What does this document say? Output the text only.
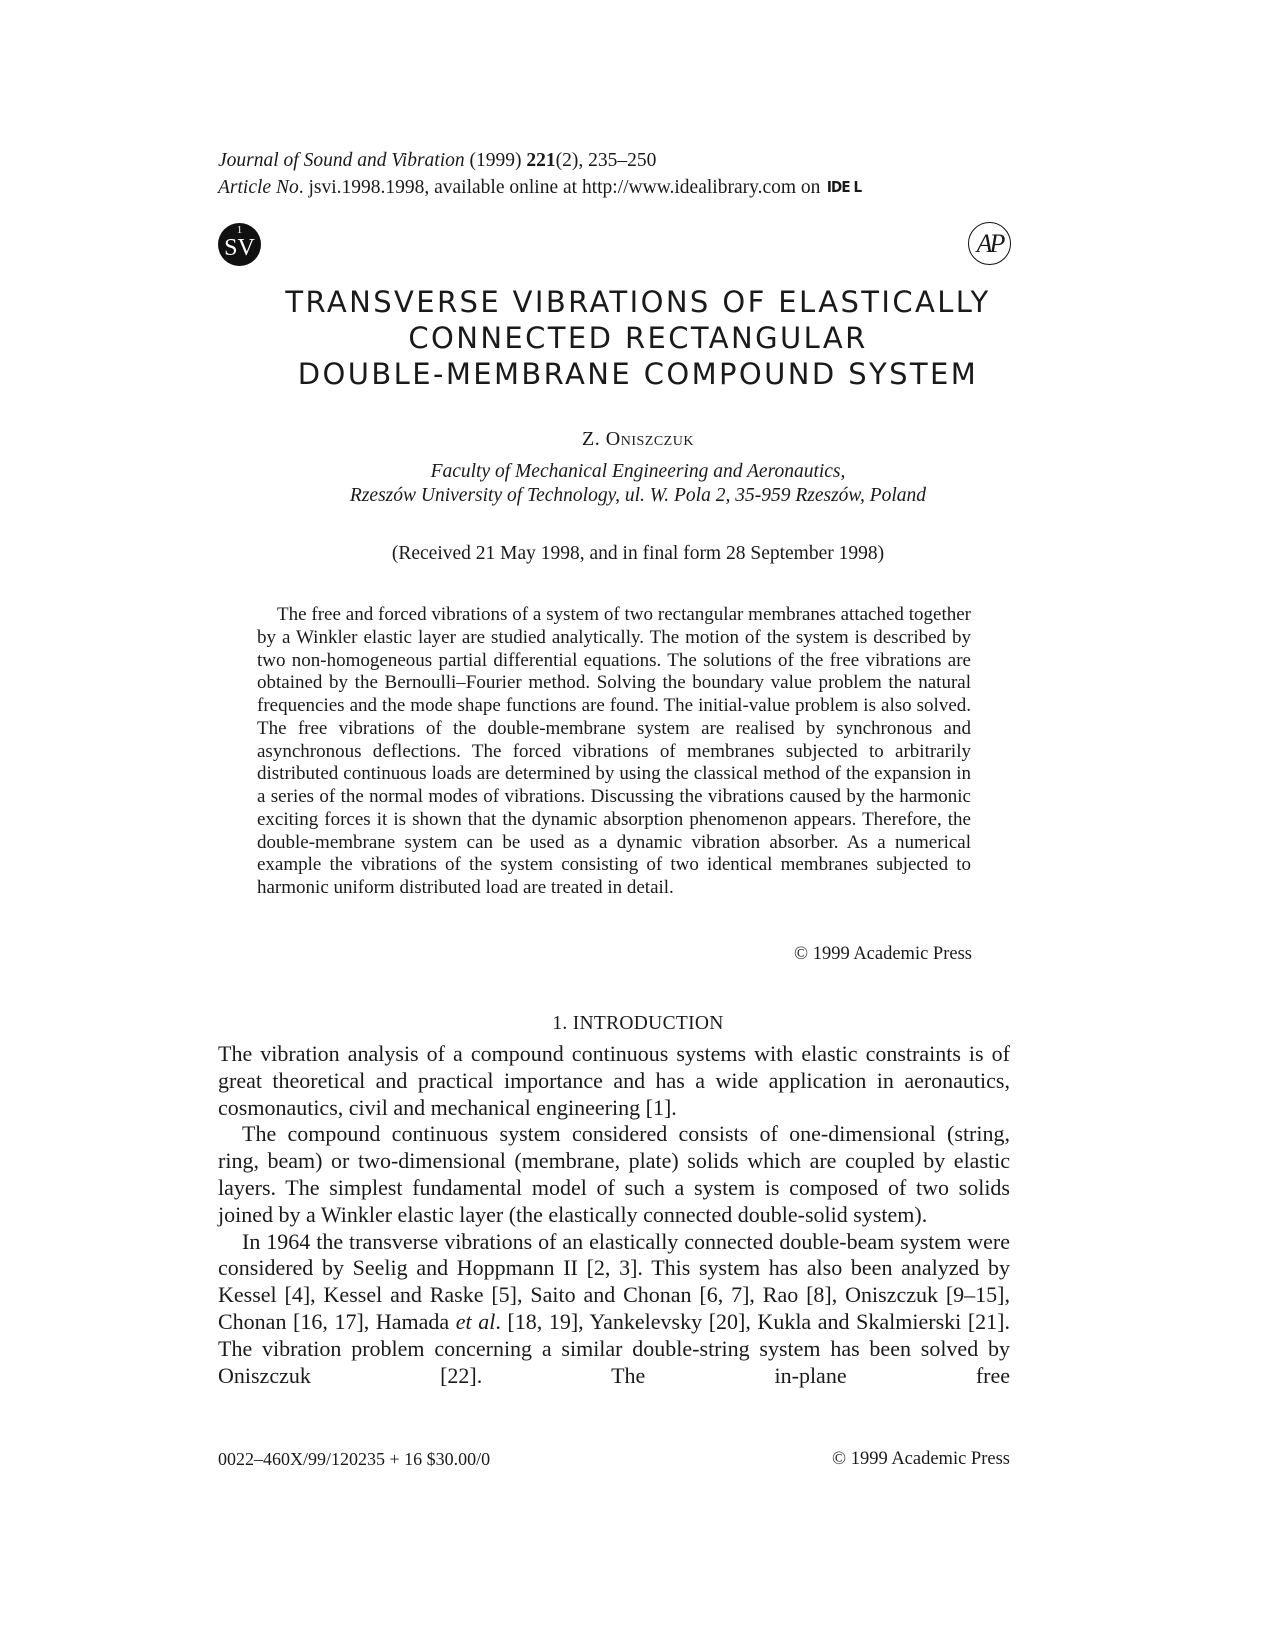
Journal of Sound and Vibration (1999) 221(2), 235–250
Article No. jsvi.1998.1998, available online at http://www.idealibrary.com on IDE L
1
SV	AP
TRANSVERSE VIBRATIONS OF ELASTICALLY
CONNECTED RECTANGULAR
DOUBLE-MEMBRANE COMPOUND SYSTEM
Z. Oniszczuk
Faculty of Mechanical Engineering and Aeronautics,
Rzeszów University of Technology, ul. W. Pola 2, 35-959 Rzeszów, Poland
(Received 21 May 1998, and in final form 28 September 1998)

The free and forced vibrations of a system of two rectangular membranes attached together by a Winkler elastic layer are studied analytically. The motion of the system is described by two non-homogeneous partial differential equations. The solutions of the free vibrations are obtained by the Bernoulli–Fourier method. Solving the boundary value problem the natural frequencies and the mode shape functions are found. The initial-value problem is also solved. The free vibrations of the double-membrane system are realised by synchronous and asynchronous deflections. The forced vibrations of membranes subjected to arbitrarily distributed continuous loads are determined by using the classical method of the expansion in a series of the normal modes of vibrations. Discussing the vibrations caused by the harmonic exciting forces it is shown that the dynamic absorption phenomenon appears. Therefore, the double-membrane system can be used as a dynamic vibration absorber. As a numerical example the vibrations of the system consisting of two identical membranes subjected to harmonic uniform distributed load are treated in detail.

© 1999 Academic Press
1. INTRODUCTION

The vibration analysis of a compound continuous systems with elastic constraints is of great theoretical and practical importance and has a wide application in aeronautics, cosmonautics, civil and mechanical engineering [1].

The compound continuous system considered consists of one-dimensional (string, ring, beam) or two-dimensional (membrane, plate) solids which are coupled by elastic layers. The simplest fundamental model of such a system is composed of two solids joined by a Winkler elastic layer (the elastically connected double-solid system).

In 1964 the transverse vibrations of an elastically connected double-beam system were considered by Seelig and Hoppmann II [2, 3]. This system has also been analyzed by Kessel [4], Kessel and Raske [5], Saito and Chonan [6, 7], Rao [8], Oniszczuk [9–15], Chonan [16, 17], Hamada et al. [18, 19], Yankelevsky [20], Kukla and Skalmierski [21]. The vibration problem concerning a similar double-string system has been solved by Oniszczuk [22]. The in-plane free

0022–460X/99/120235 + 16 $30.00/0	© 1999 Academic Press
